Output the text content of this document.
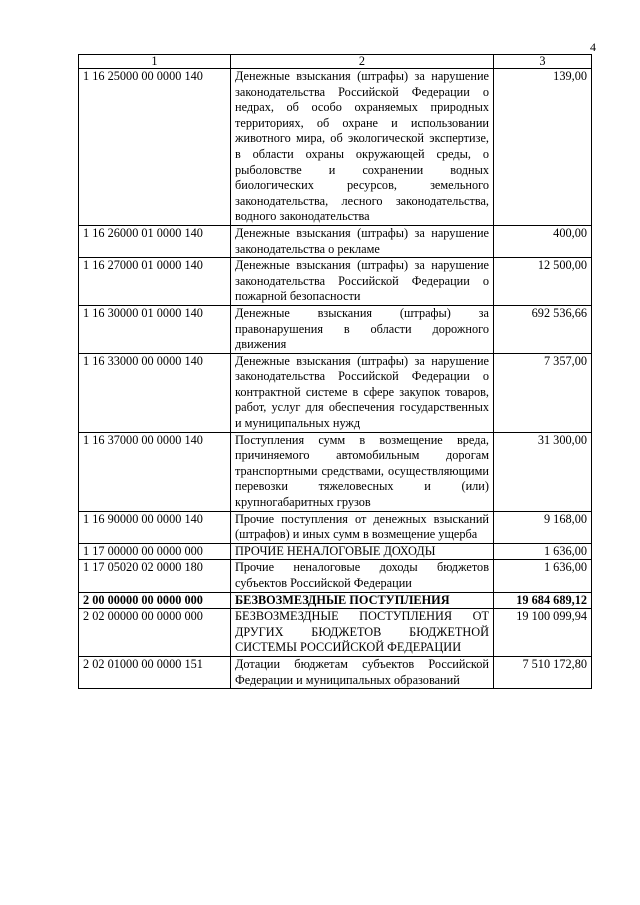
4
1	2	3
1 16 25000 00 0000 140	Денежные взыскания (штрафы) за нарушение законодательства Российской Федерации о недрах, об особо охраняемых природных территориях, об охране и использовании животного мира, об экологической экспертизе, в области охраны окружающей среды, о рыболовстве и сохранении водных биологических ресурсов, земельного законодательства, лесного законодательства, водного законодательства	139,00
1 16 26000 01 0000 140	Денежные взыскания (штрафы) за нарушение законодательства о рекламе	400,00
1 16 27000 01 0000 140	Денежные взыскания (штрафы) за нарушение законодательства Российской Федерации о пожарной безопасности	12 500,00
1 16 30000 01 0000 140	Денежные взыскания (штрафы) за правонарушения в области дорожного движения	692 536,66
1 16 33000 00 0000 140	Денежные взыскания (штрафы) за нарушение законодательства Российской Федерации о контрактной системе в сфере закупок товаров, работ, услуг для обеспечения государственных и муниципальных нужд	7 357,00
1 16 37000 00 0000 140	Поступления сумм в возмещение вреда, причиняемого автомобильным дорогам транспортными средствами, осуществляющими перевозки тяжеловесных и (или) крупногабаритных грузов	31 300,00
1 16 90000 00 0000 140	Прочие поступления от денежных взысканий (штрафов) и иных сумм в возмещение ущерба	9 168,00
1 17 00000 00 0000 000	ПРОЧИЕ НЕНАЛОГОВЫЕ ДОХОДЫ	1 636,00
1 17 05020 02 0000 180	Прочие неналоговые доходы бюджетов субъектов Российской Федерации	1 636,00
2 00 00000 00 0000 000	БЕЗВОЗМЕЗДНЫЕ ПОСТУПЛЕНИЯ	19 684 689,12
2 02 00000 00 0000 000	БЕЗВОЗМЕЗДНЫЕ ПОСТУПЛЕНИЯ ОТ ДРУГИХ БЮДЖЕТОВ БЮДЖЕТНОЙ СИСТЕМЫ РОССИЙСКОЙ ФЕДЕРАЦИИ	19 100 099,94
2 02 01000 00 0000 151	Дотации бюджетам субъектов Российской Федерации и муниципальных образований	7 510 172,80
